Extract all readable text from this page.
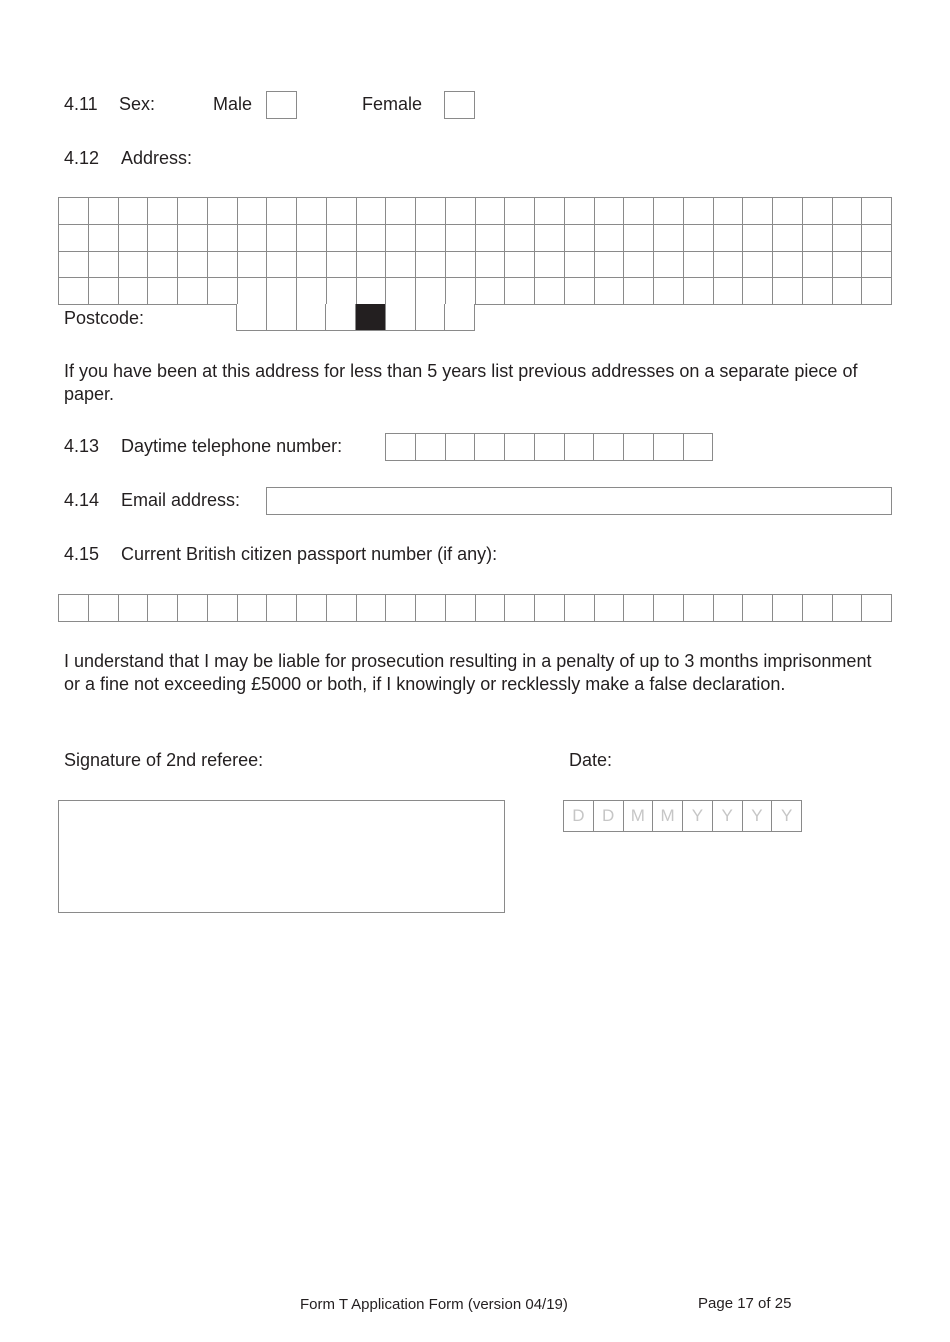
4.11 Sex:	Male	Female
4.12 Address:
Postcode:
If you have been at this address for less than 5 years list previous addresses on a separate piece of paper.
4.13 Daytime telephone number:
4.14 Email address:
4.15 Current British citizen passport number (if any):
I understand that I may be liable for prosecution resulting in a penalty of up to 3 months imprisonment or a fine not exceeding £5000 or both, if I knowingly or recklessly make a false declaration.
Signature of 2nd referee:	Date:
D	D M M	Y	Y	Y	Y
Form T Application Form (version 04/19)	Page 17 of 25
